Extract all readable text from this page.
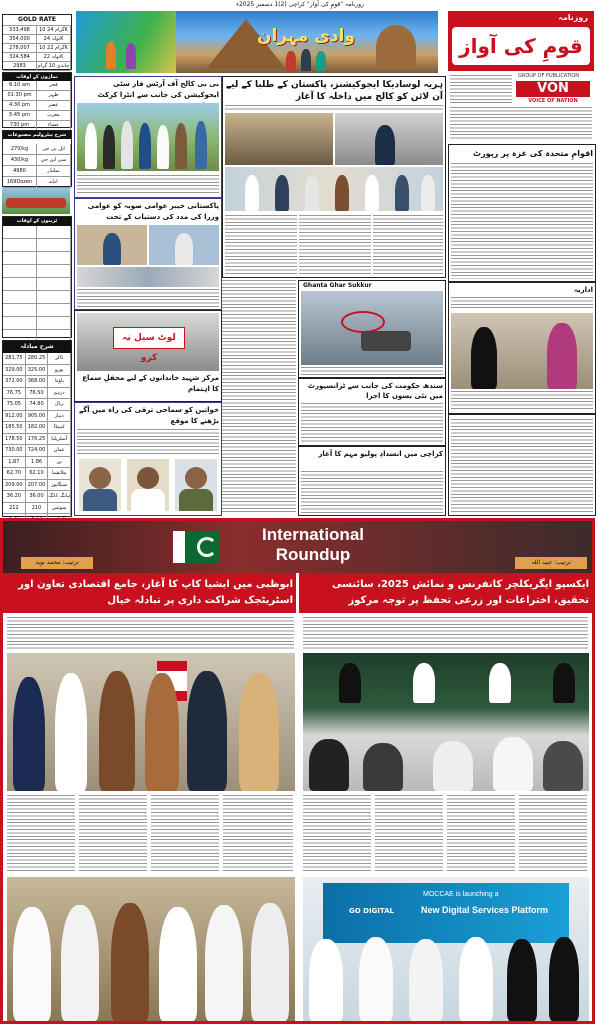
روزنامہ "قومِ کی آواز" کراچی (2)1 دسمبر 2025ء
وادی مہران
روزنامہ
قومِ کی آواز
GROUP OF PUBLICATION
VON
VOICE OF NATION
GOLD RATE
333,498	10 گرام 24K
354,000	تولہ 24K
278,007	10 گرام 22K
324,584	تولہ 22K
2983	چاندی 10 گرام
نمازوں کے اوقات
6:10 am	فجر
01:30 pm	ظہر
4:30 pm	عصر
5:45 pm	مغرب
730 pm	عشاء
شرح پیٹرولیم مصنوعات
270/kg	ایل پی جی
430/kg	سی این جی
4980	سلنڈر
169Dozen	انڈے
ٹرینوں کے اوقات
شرح مبادلہ
281.75	280.25	ڈالر
329.00	325.00	یورو
372.00	368.00	پاؤنڈ
76.75	76.50	درہم
75.05	74.80	ریال
912.00	905.00	دینار
185.50	182.00	کینیڈا
178.50	176.25	آسٹریلیا
730.00	724.00	عمان
1.87	1.86	ین
62.70	62.10	ملائشیا
209.00	207.00	سنگاپور
36.20	36.00 ہانگ کانگ
212	210	سوئس
بی بی کالج آف آرٹس فار سٹی ایجوکیشن کی جانب سے انٹرا کرکٹ
پاکستانی خیبر عوامی صوبہ کو عوامی وزرا کی مدد کی دستیاب کے تحت
لوٹ سیل نہ کرو
مرکز شہید خاندانوں کے لیے محفلِ سماع کا اہتمام
خواتین کو سماجی ترقی کی راہ میں آگے بڑھنے کا موقع
ہریہ لوسادیکا ایجوکیشنز، پاکستان کے طلبا کے لیے آن لائن کو کالج میں داخلہ کا آغاز
Ghanta Ghar Sukkur
سندھ حکومت کی جانب سے ٹرانسپورٹ میں نئی بسوں کا اجرا
کراچی میں انسدادِ پولیو مہم کا آغاز
اقوامِ متحدہ کی غزہ پر رپورٹ
اداریہ
International
Roundup
ترتیب: محمد نوید	ترتیب: عبید اللہ
ابوظبی میں ایشیا کاپ کا آغاز، جامع اقتصادی تعاون اور اسٹریٹجک شراکت داری پر تبادلہ خیال
ایکسپو ایگریکلچر کانفرنس و نمائش 2025، سائنسی تحقیق، اختراعات اور زرعی تحفظ پر توجہ مرکوز
GO DIGITAL
MOCCAE is launching a
New Digital Services Platform
